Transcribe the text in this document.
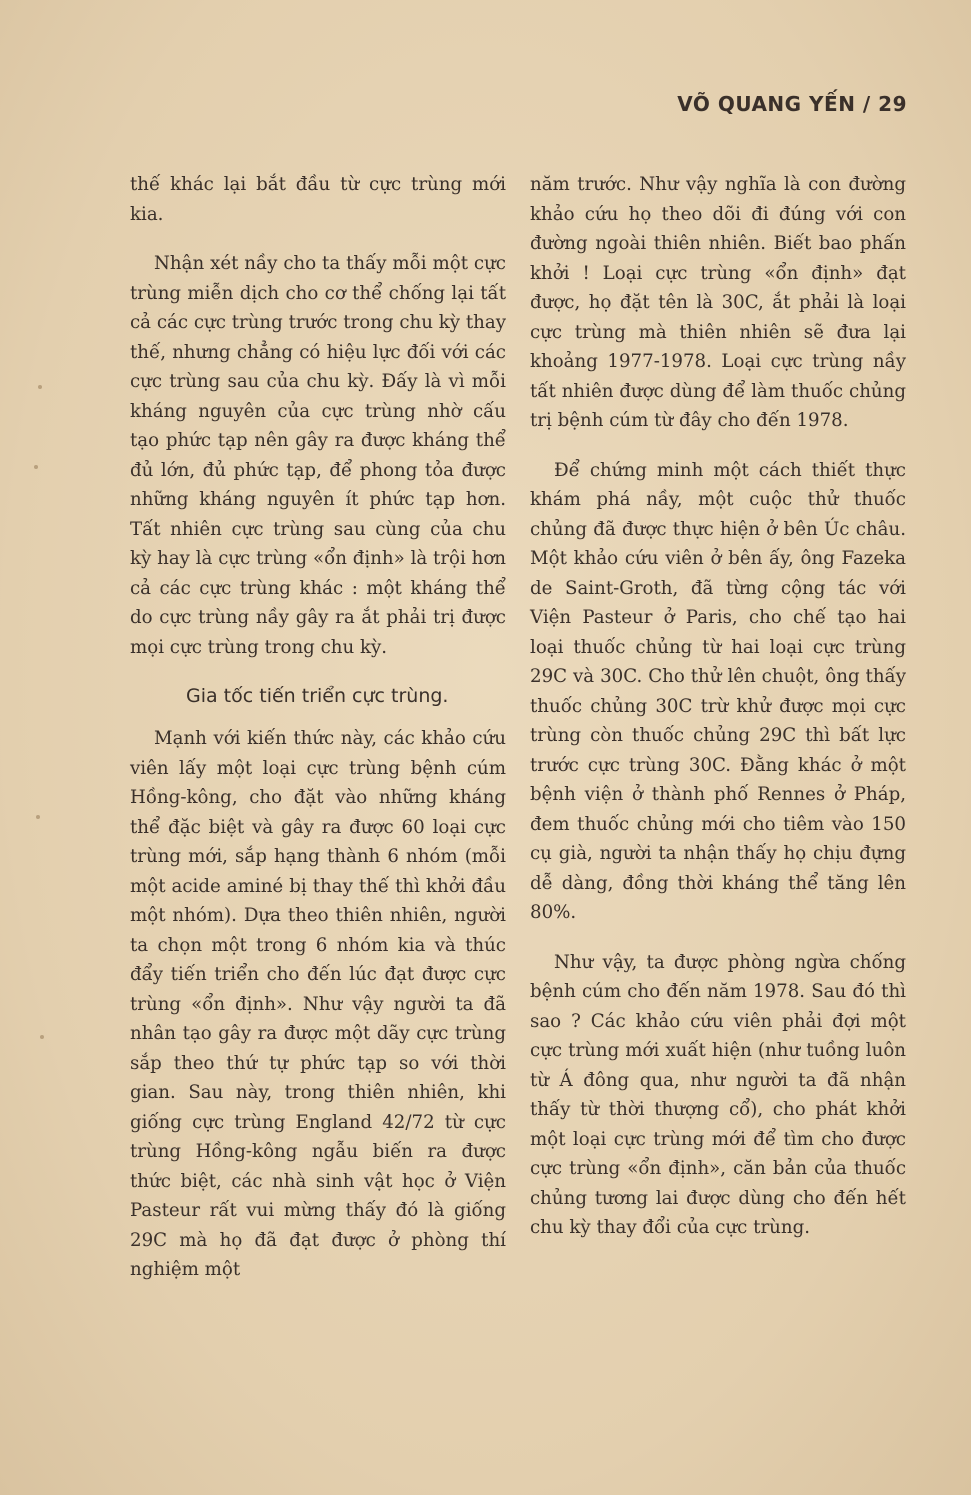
VÕ QUANG YẾN / 29

thế khác lại bắt đầu từ cực trùng mới kia.

Nhận xét nầy cho ta thấy mỗi một cực trùng miễn dịch cho cơ thể chống lại tất cả các cực trùng trước trong chu kỳ thay thế, nhưng chẳng có hiệu lực đối với các cực trùng sau của chu kỳ. Đấy là vì mỗi kháng nguyên của cực trùng nhờ cấu tạo phức tạp nên gây ra được kháng thể đủ lớn, đủ phức tạp, để phong tỏa được những kháng nguyên ít phức tạp hơn. Tất nhiên cực trùng sau cùng của chu kỳ hay là cực trùng «ổn định» là trội hơn cả các cực trùng khác : một kháng thể do cực trùng nầy gây ra ắt phải trị được mọi cực trùng trong chu kỳ.

Gia tốc tiến triển cực trùng.

Mạnh với kiến thức này, các khảo cứu viên lấy một loại cực trùng bệnh cúm Hồng-kông, cho đặt vào những kháng thể đặc biệt và gây ra được 60 loại cực trùng mới, sắp hạng thành 6 nhóm (mỗi một acide aminé bị thay thế thì khởi đầu một nhóm). Dựa theo thiên nhiên, người ta chọn một trong 6 nhóm kia và thúc đẩy tiến triển cho đến lúc đạt được cực trùng «ổn định». Như vậy người ta đã nhân tạo gây ra được một dãy cực trùng sắp theo thứ tự phức tạp so với thời gian. Sau này, trong thiên nhiên, khi giống cực trùng England 42/72 từ cực trùng Hồng-kông ngẫu biến ra được thức biệt, các nhà sinh vật học ở Viện Pasteur rất vui mừng thấy đó là giống 29C mà họ đã đạt được ở phòng thí nghiệm một

năm trước. Như vậy nghĩa là con đường khảo cứu họ theo dõi đi đúng với con đường ngoài thiên nhiên. Biết bao phấn khởi ! Loại cực trùng «ổn định» đạt được, họ đặt tên là 30C, ắt phải là loại cực trùng mà thiên nhiên sẽ đưa lại khoảng 1977-1978. Loại cực trùng nầy tất nhiên được dùng để làm thuốc chủng trị bệnh cúm từ đây cho đến 1978.

Để chứng minh một cách thiết thực khám phá nầy, một cuộc thử thuốc chủng đã được thực hiện ở bên Úc châu. Một khảo cứu viên ở bên ấy, ông Fazeka de Saint-Groth, đã từng cộng tác với Viện Pasteur ở Paris, cho chế tạo hai loại thuốc chủng từ hai loại cực trùng 29C và 30C. Cho thử lên chuột, ông thấy thuốc chủng 30C trừ khử được mọi cực trùng còn thuốc chủng 29C thì bất lực trước cực trùng 30C. Đằng khác ở một bệnh viện ở thành phố Rennes ở Pháp, đem thuốc chủng mới cho tiêm vào 150 cụ già, người ta nhận thấy họ chịu đựng dễ dàng, đồng thời kháng thể tăng lên 80%.

Như vậy, ta được phòng ngừa chống bệnh cúm cho đến năm 1978. Sau đó thì sao ? Các khảo cứu viên phải đợi một cực trùng mới xuất hiện (như tuồng luôn từ Á đông qua, như người ta đã nhận thấy từ thời thượng cổ), cho phát khởi một loại cực trùng mới để tìm cho được cực trùng «ổn định», căn bản của thuốc chủng tương lai được dùng cho đến hết chu kỳ thay đổi của cực trùng.
